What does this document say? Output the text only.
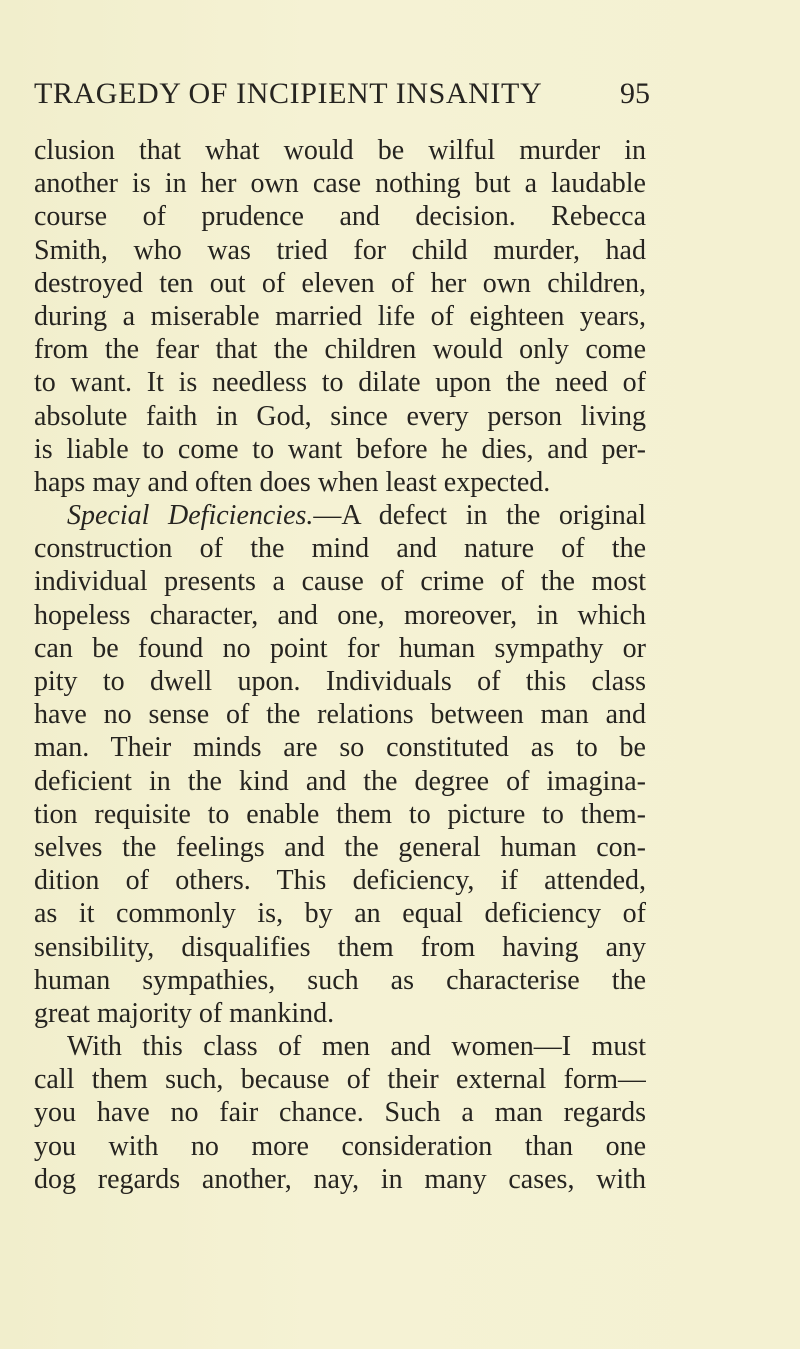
TRAGEDY OF INCIPIENT INSANITY	95
clusion that what would be wilful murder in
another is in her own case nothing but a laudable
course of prudence and decision. Rebecca
Smith, who was tried for child murder, had
destroyed ten out of eleven of her own children,
during a miserable married life of eighteen years,
from the fear that the children would only come
to want. It is needless to dilate upon the need of
absolute faith in God, since every person living
is liable to come to want before he dies, and per-
haps may and often does when least expected.
Special Deficiencies.—A defect in the original
construction of the mind and nature of the
individual presents a cause of crime of the most
hopeless character, and one, moreover, in which
can be found no point for human sympathy or
pity to dwell upon. Individuals of this class
have no sense of the relations between man and
man. Their minds are so constituted as to be
deficient in the kind and the degree of imagina-
tion requisite to enable them to picture to them-
selves the feelings and the general human con-
dition of others. This deficiency, if attended,
as it commonly is, by an equal deficiency of
sensibility, disqualifies them from having any
human sympathies, such as characterise the
great majority of mankind.
With this class of men and women—I must
call them such, because of their external form—
you have no fair chance. Such a man regards
you with no more consideration than one
dog regards another, nay, in many cases, with
